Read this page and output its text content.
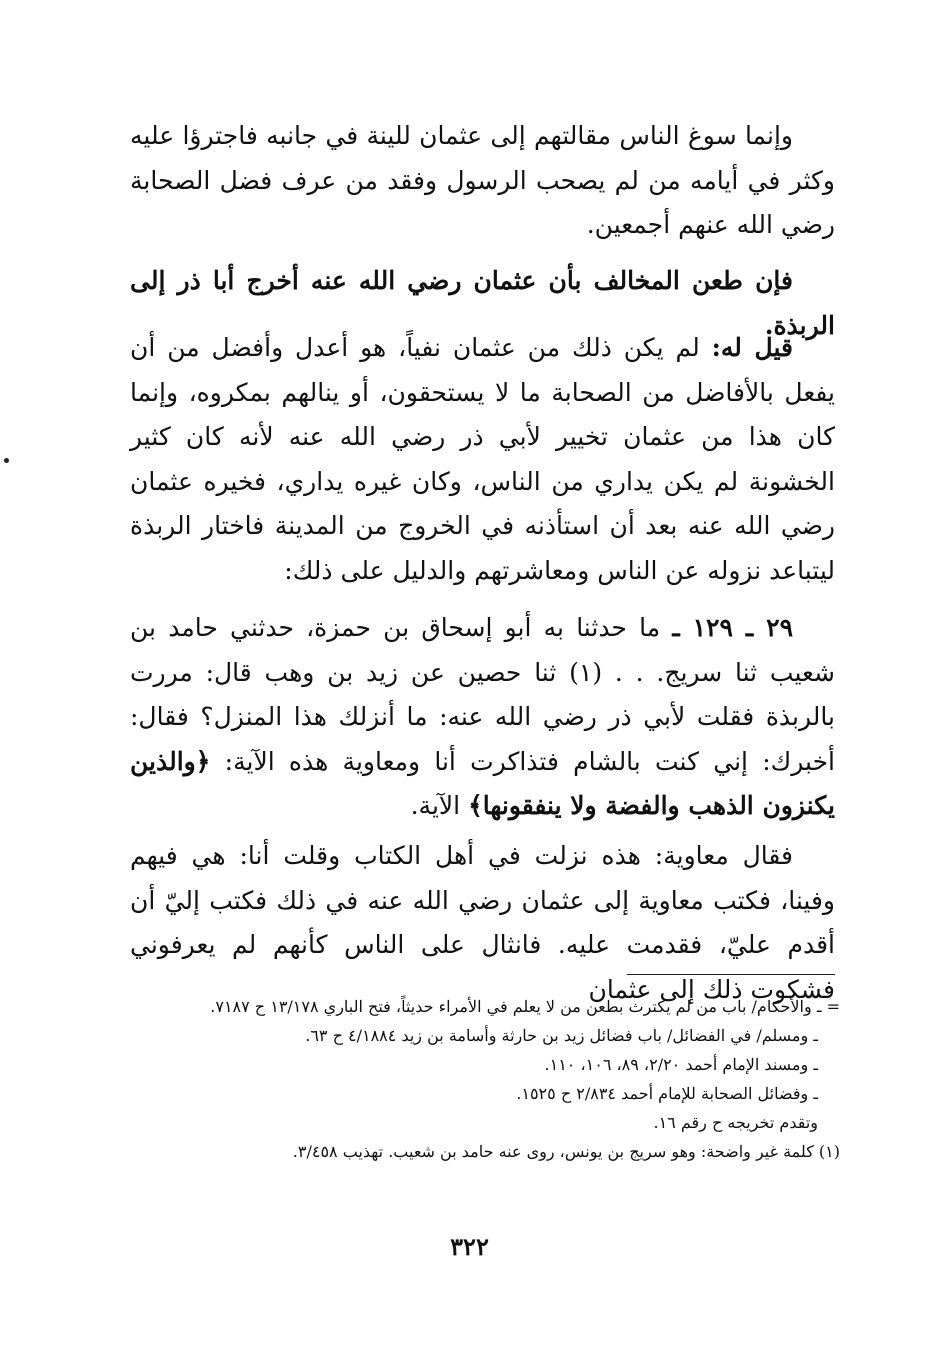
وإنما سوغ الناس مقالتهم إلى عثمان للينة في جانبه فاجترؤا عليه وكثر في أيامه من لم يصحب الرسول وفقد من عرف فضل الصحابة رضي الله عنهم أجمعين.

فإن طعن المخالف بأن عثمان رضي الله عنه أخرج أبا ذر إلى الربذة.

قيل له: لم يكن ذلك من عثمان نفياً، هو أعدل وأفضل من أن يفعل بالأفاضل من الصحابة ما لا يستحقون، أو ينالهم بمكروه، وإنما كان هذا من عثمان تخيير لأبي ذر رضي الله عنه لأنه كان كثير الخشونة لم يكن يداري من الناس، وكان غيره يداري، فخيره عثمان رضي الله عنه بعد أن استأذنه في الخروج من المدينة فاختار الربذة ليتباعد نزوله عن الناس ومعاشرتهم والدليل على ذلك:

٢٩ ـ ١٢٩ ـ ما حدثنا به أبو إسحاق بن حمزة، حدثني حامد بن شعيب ثنا سريج. . . (١) ثنا حصين عن زيد بن وهب قال: مررت بالربذة فقلت لأبي ذر رضي الله عنه: ما أنزلك هذا المنزل؟ فقال: أخبرك: إني كنت بالشام فتذاكرت أنا ومعاوية هذه الآية: ﴿والذين يكنزون الذهب والفضة ولا ينفقونها﴾ الآية.

فقال معاوية: هذه نزلت في أهل الكتاب وقلت أنا: هي فيهم وفينا، فكتب معاوية إلى عثمان رضي الله عنه في ذلك فكتب إليّ أن أقدم عليّ، فقدمت عليه. فانثال على الناس كأنهم لم يعرفوني فشكوت ذلك إلى عثمان

= ـ والأحكام/ باب من لم يكترث بطعن من لا يعلم في الأمراء حديثاً، فتح الباري ١٣/١٧٨ ح ٧١٨٧.

ـ ومسلم/ في الفضائل/ باب فضائل زيد بن حارثة وأسامة بن زيد ٤/١٨٨٤ ح ٦٣.

ـ ومسند الإمام أحمد ٢/٢٠، ٨٩، ١٠٦، ١١٠.

ـ وفضائل الصحابة للإمام أحمد ٢/٨٣٤ ح ١٥٢٥.

وتقدم تخريجه ح رقم ١٦.

(١) كلمة غير واضحة: وهو سريج بن يونس، روى عنه حامد بن شعيب. تهذيب ٣/٤٥٨.

٣٢٢
